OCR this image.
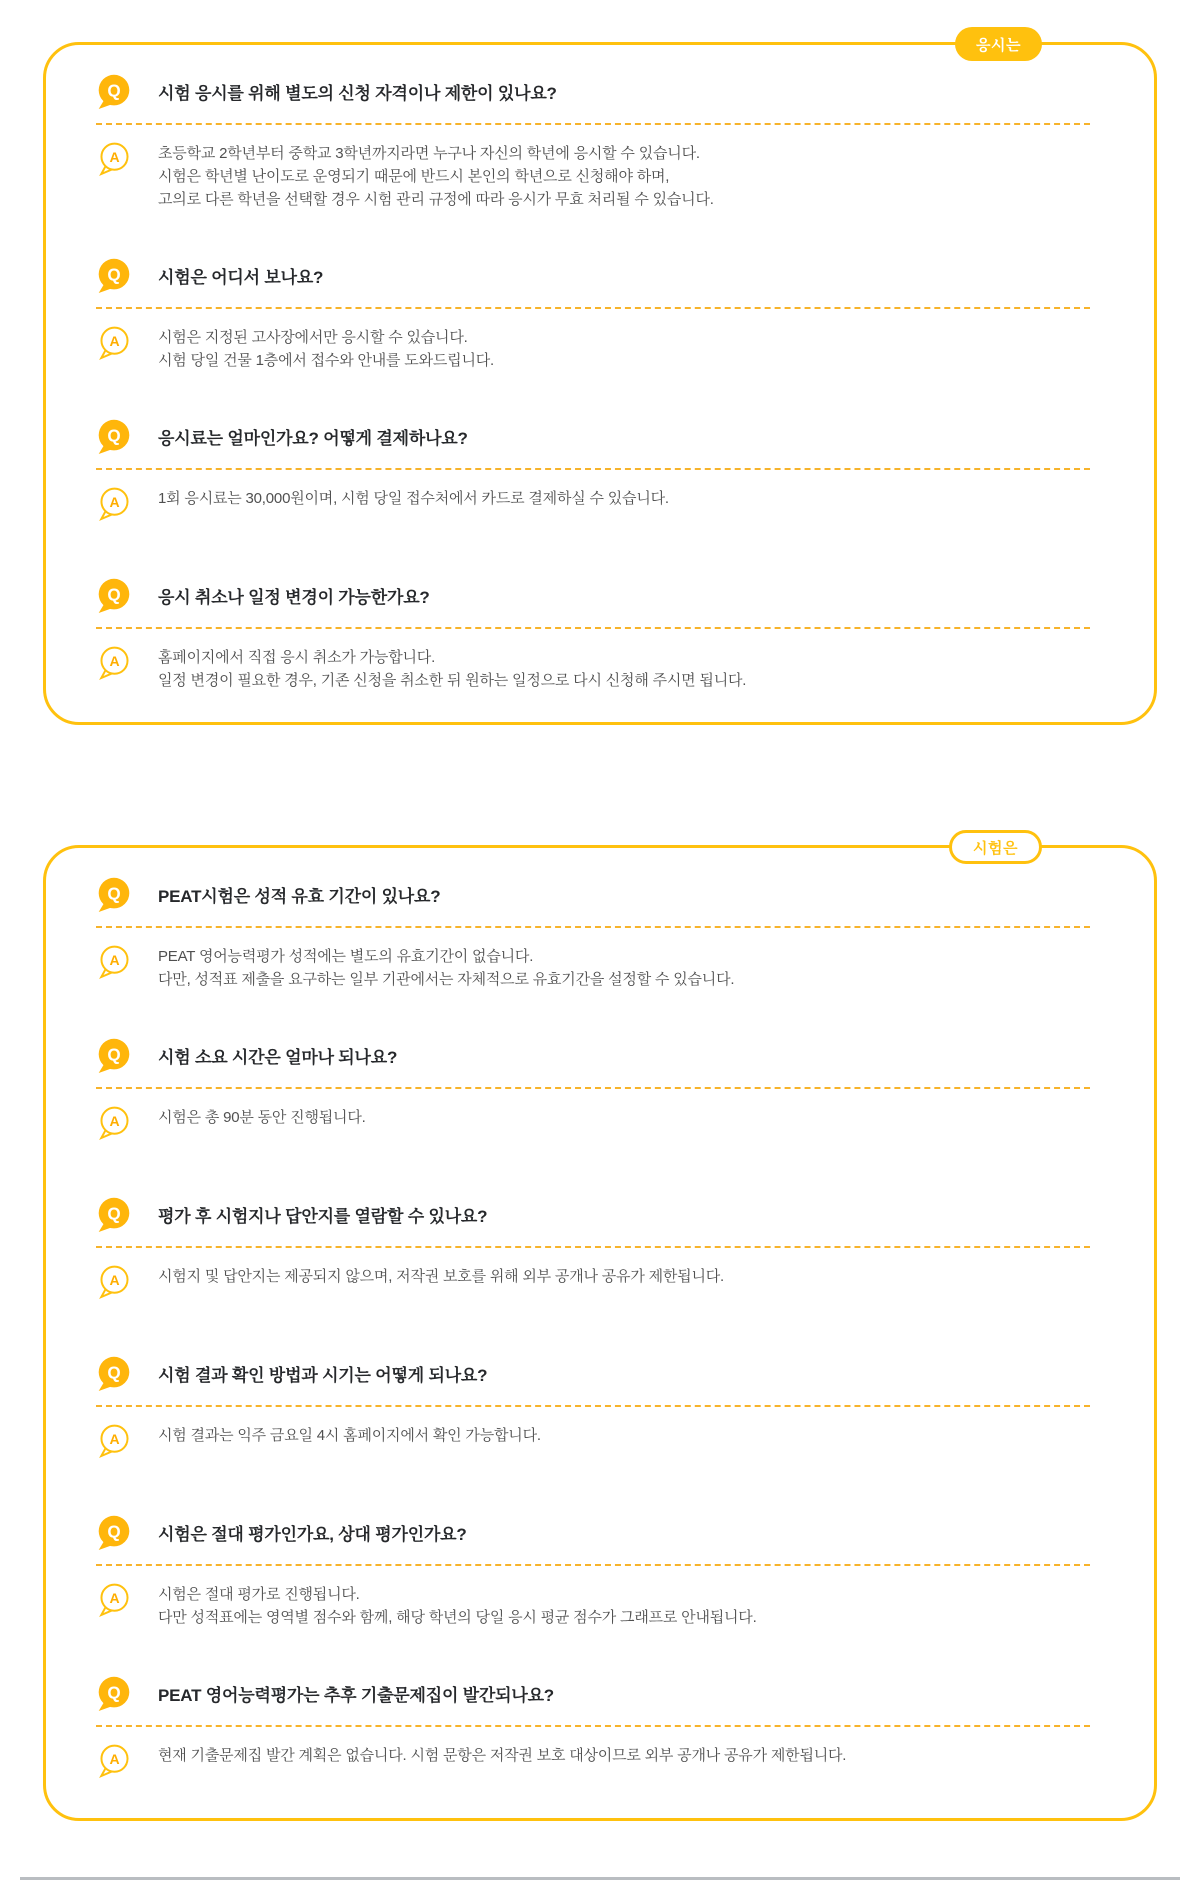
응시는
Q 시험 응시를 위해 별도의 신청 자격이나 제한이 있나요?
A	초등학교 2학년부터 중학교 3학년까지라면 누구나 자신의 학년에 응시할 수 있습니다.
시험은 학년별 난이도로 운영되기 때문에 반드시 본인의 학년으로 신청해야 하며,
고의로 다른 학년을 선택할 경우 시험 관리 규정에 따라 응시가 무효 처리될 수 있습니다.
Q 시험은 어디서 보나요?
A	시험은 지정된 고사장에서만 응시할 수 있습니다.
시험 당일 건물 1층에서 접수와 안내를 도와드립니다.
Q 응시료는 얼마인가요? 어떻게 결제하나요?
A	1회 응시료는 30,000원이며, 시험 당일 접수처에서 카드로 결제하실 수 있습니다.
Q 응시 취소나 일정 변경이 가능한가요?
A	홈페이지에서 직접 응시 취소가 가능합니다.
일정 변경이 필요한 경우, 기존 신청을 취소한 뒤 원하는 일정으로 다시 신청해 주시면 됩니다.
시험은
Q PEAT시험은 성적 유효 기간이 있나요?
A	PEAT 영어능력평가 성적에는 별도의 유효기간이 없습니다.
다만, 성적표 제출을 요구하는 일부 기관에서는 자체적으로 유효기간을 설정할 수 있습니다.
Q 시험 소요 시간은 얼마나 되나요?
A	시험은 총 90분 동안 진행됩니다.
Q 평가 후 시험지나 답안지를 열람할 수 있나요?
A	시험지 및 답안지는 제공되지 않으며, 저작권 보호를 위해 외부 공개나 공유가 제한됩니다.
Q 시험 결과 확인 방법과 시기는 어떻게 되나요?
A	시험 결과는 익주 금요일 4시 홈페이지에서 확인 가능합니다.
Q 시험은 절대 평가인가요, 상대 평가인가요?
A	시험은 절대 평가로 진행됩니다.
다만 성적표에는 영역별 점수와 함께, 해당 학년의 당일 응시 평균 점수가 그래프로 안내됩니다.
Q PEAT 영어능력평가는 추후 기출문제집이 발간되나요?
A	현재 기출문제집 발간 계획은 없습니다. 시험 문항은 저작권 보호 대상이므로 외부 공개나 공유가 제한됩니다.
